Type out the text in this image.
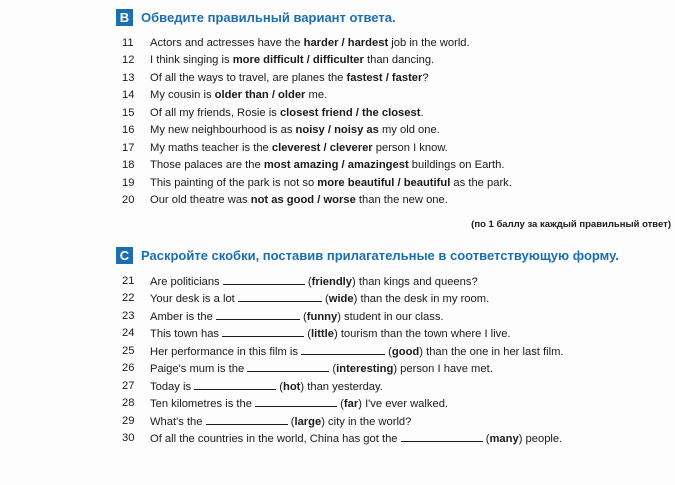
B Обведите правильный вариант ответа.
11	Actors and actresses have the harder / hardest job in the world.
12	I think singing is more difficult / difficulter than dancing.
13	Of all the ways to travel, are planes the fastest / faster?
14	My cousin is older than / older me.
15	Of all my friends, Rosie is closest friend / the closest.
16	My new neighbourhood is as noisy / noisy as my old one.
17	My maths teacher is the cleverest / cleverer person I know.
18	Those palaces are the most amazing / amazingest buildings on Earth.
19	This painting of the park is not so more beautiful / beautiful as the park.
20	Our old theatre was not as good / worse than the new one.
(по 1 баллу за каждый правильный ответ)
C Раскройте скобки, поставив прилагательные в соответствующую форму.
21	Are politicians	(friendly) than kings and queens?
22	Your desk is a lot	(wide) than the desk in my room.
23	Amber is the	(funny) student in our class.
24	This town has	(little) tourism than the town where I live.
25	Her performance in this film is	(good) than the one in her last film.
26	Paige's mum is the	(interesting) person I have met.
27	Today is	(hot) than yesterday.
28	Ten kilometres is the	(far) I've ever walked.
29	What's the	(large) city in the world?
30	Of all the countries in the world, China has got the	(many) people.
